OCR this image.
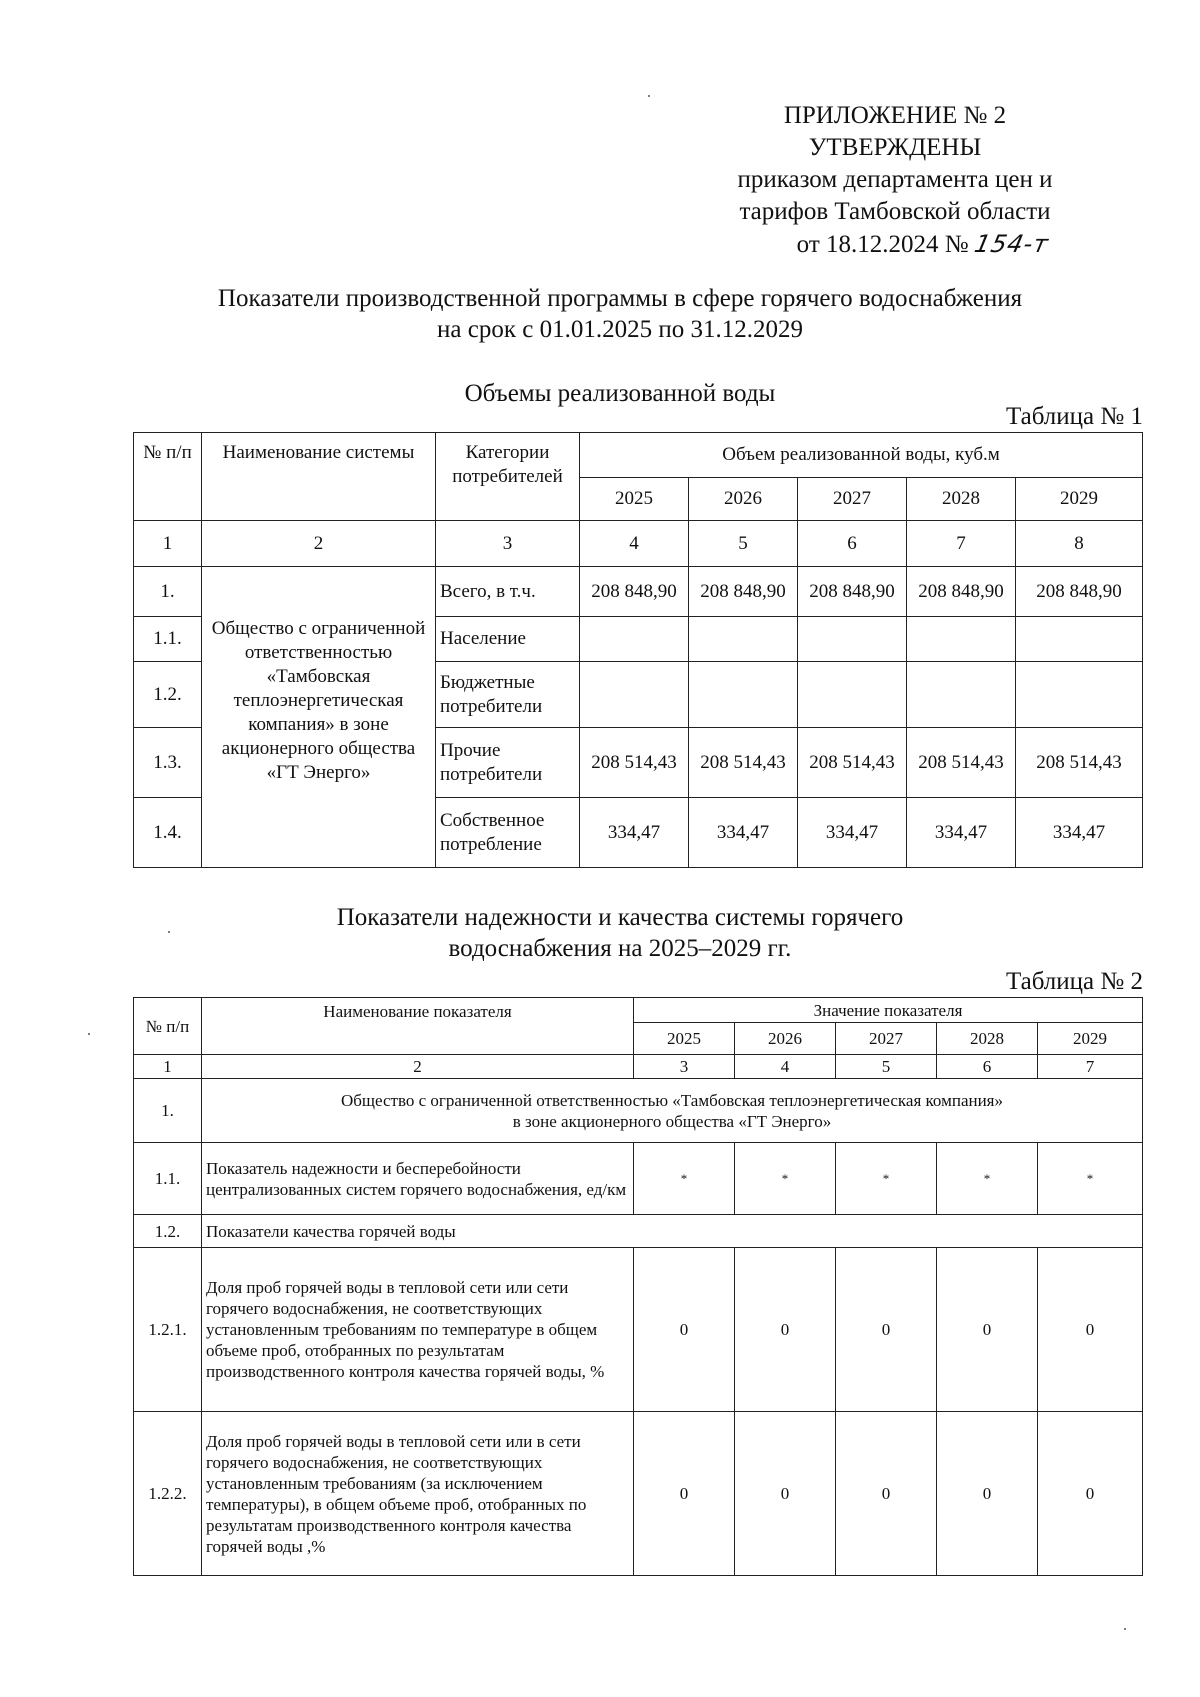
ПРИЛОЖЕНИЕ № 2
УТВЕРЖДЕНЫ
приказом департамента цен и
тарифов Тамбовской области
от 18.12.2024 № 154-т
Показатели производственной программы в сфере горячего водоснабжения
на срок с 01.01.2025 по 31.12.2029
Объемы реализованной воды
Таблица № 1
№ п/п	Наименование системы	Категории потребителей	Объем реализованной воды, куб.м				
			2025	2026	2027	2028	2029
1	2	3	4	5	6	7	8
1.	Общество с ограниченной ответственностью «Тамбовская теплоэнергетическая компания» в зоне акционерного общества «ГТ Энерго»	Всего, в т.ч.	208 848,90	208 848,90	208 848,90	208 848,90	208 848,90
1.1.		Население					
1.2.		Бюджетные потребители					
1.3.		Прочие потребители	208 514,43	208 514,43	208 514,43	208 514,43	208 514,43
1.4.		Собственное потребление	334,47	334,47	334,47	334,47	334,47
Показатели надежности и качества системы горячего
водоснабжения на 2025–2029 гг.
Таблица № 2
№ п/п	Наименование показателя	Значение показателя				
		2025	2026	2027	2028	2029
1	2	3	4	5	6	7
1.	Общество с ограниченной ответственностью «Тамбовская теплоэнергетическая компания»
в зоне акционерного общества «ГТ Энерго»					

1.1.	Показатель надежности и бесперебойности централизованных систем горячего водоснабжения, ед/км	*	*	*	*	*
1.2.	Показатели качества горячей воды					
1.2.1.	Доля проб горячей воды в тепловой сети или сети горячего водоснабжения, не соответствующих установленным требованиям по температуре в общем объеме проб, отобранных по результатам производственного контроля качества горячей воды, %	0	0	0	0	0
1.2.2.	Доля проб горячей воды в тепловой сети или в сети горячего водоснабжения, не соответствующих установленным требованиям (за исключением температуры), в общем объеме проб, отобранных по результатам производственного контроля качества горячей воды ,%	0	0	0	0	0
